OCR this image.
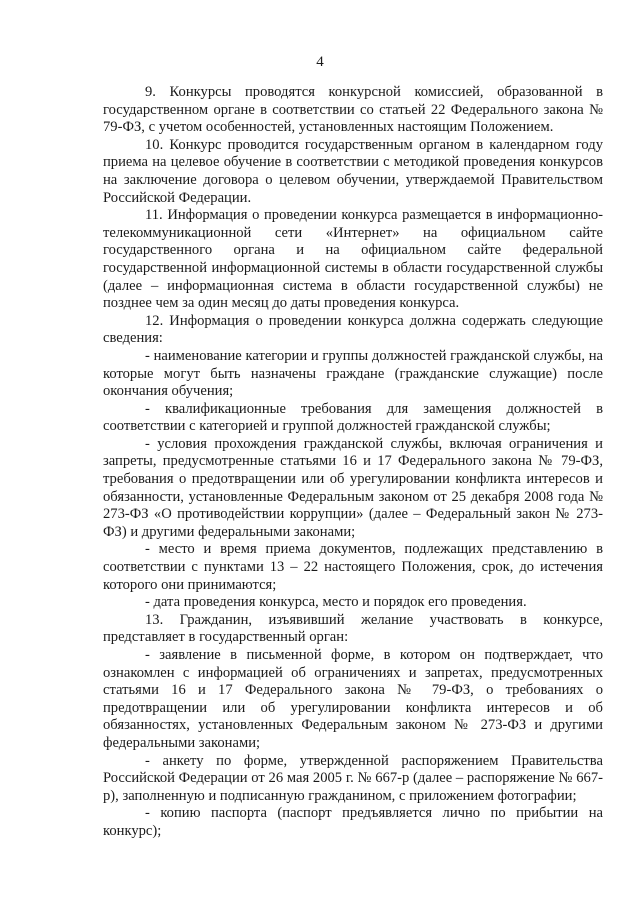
4

9. Конкурсы проводятся конкурсной комиссией, образованной в государственном органе в соответствии со статьей 22 Федерального закона № 79-ФЗ, с учетом особенностей, установленных настоящим Положением.

10. Конкурс проводится государственным органом в календарном году приема на целевое обучение в соответствии с методикой проведения конкурсов на заключение договора о целевом обучении, утверждаемой Правительством Российской Федерации.

11. Информация о проведении конкурса размещается в информационно-телекоммуникационной сети «Интернет» на официальном сайте государственного органа и на официальном сайте федеральной государственной информационной системы в области государственной службы (далее – информационная система в области государственной службы) не позднее чем за один месяц до даты проведения конкурса.

12. Информация о проведении конкурса должна содержать следующие сведения:

- наименование категории и группы должностей гражданской службы, на которые могут быть назначены граждане (гражданские служащие) после окончания обучения;

- квалификационные требования для замещения должностей в соответствии с категорией и группой должностей гражданской службы;

- условия прохождения гражданской службы, включая ограничения и запреты, предусмотренные статьями 16 и 17 Федерального закона № 79-ФЗ, требования о предотвращении или об урегулировании конфликта интересов и обязанности, установленные Федеральным законом от 25 декабря 2008 года № 273-ФЗ «О противодействии коррупции» (далее – Федеральный закон № 273-ФЗ) и другими федеральными законами;

- место и время приема документов, подлежащих представлению в соответствии с пунктами 13 – 22 настоящего Положения, срок, до истечения которого они принимаются;

- дата проведения конкурса, место и порядок его проведения.

13. Гражданин, изъявивший желание участвовать в конкурсе, представляет в государственный орган:

- заявление в письменной форме, в котором он подтверждает, что ознакомлен с информацией об ограничениях и запретах, предусмотренных статьями 16 и 17 Федерального закона № 79-ФЗ, о требованиях о предотвращении или об урегулировании конфликта интересов и об обязанностях, установленных Федеральным законом № 273-ФЗ и другими федеральными законами;

- анкету по форме, утвержденной распоряжением Правительства Российской Федерации от 26 мая 2005 г. № 667-р (далее – распоряжение № 667-р), заполненную и подписанную гражданином, с приложением фотографии;

- копию паспорта (паспорт предъявляется лично по прибытии на конкурс);
